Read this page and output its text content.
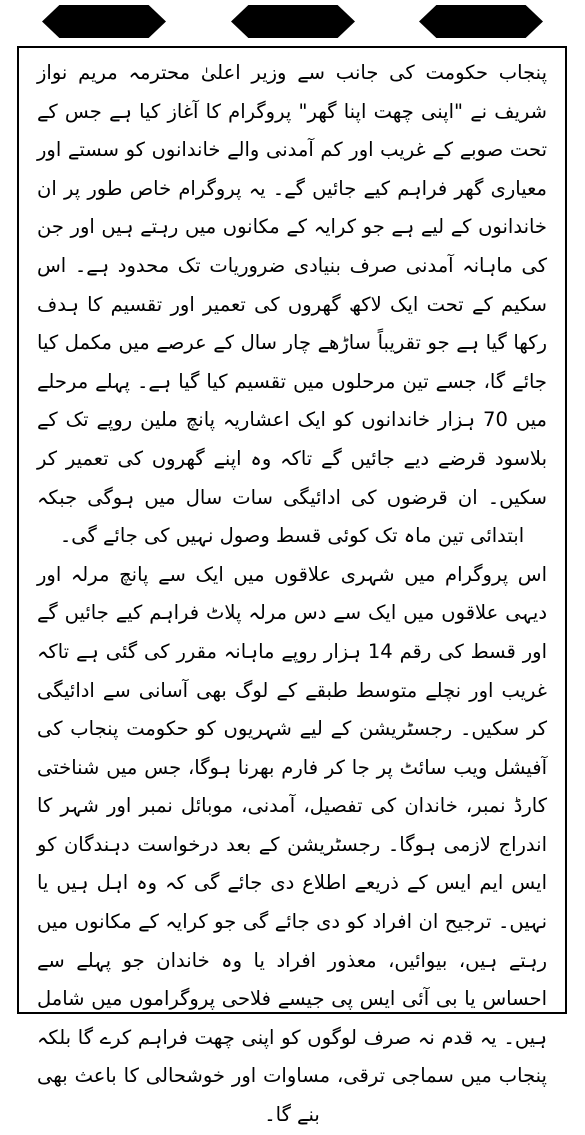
پنجاب حکومت کی جانب سے وزیر اعلیٰ محترمہ مریم نواز شریف نے "اپنی چھت اپنا گھر" پروگرام کا آغاز کیا ہے جس کے تحت صوبے کے غریب اور کم آمدنی والے خاندانوں کو سستے اور معیاری گھر فراہم کیے جائیں گے۔ یہ پروگرام خاص طور پر ان خاندانوں کے لیے ہے جو کرایہ کے مکانوں میں رہتے ہیں اور جن کی ماہانہ آمدنی صرف بنیادی ضروریات تک محدود ہے۔ اس سکیم کے تحت ایک لاکھ گھروں کی تعمیر اور تقسیم کا ہدف رکھا گیا ہے جو تقریباً ساڑھے چار سال کے عرصے میں مکمل کیا جائے گا، جسے تین مرحلوں میں تقسیم کیا گیا ہے۔ پہلے مرحلے میں 70 ہزار خاندانوں کو ایک اعشاریہ پانچ ملین روپے تک کے بلاسود قرضے دیے جائیں گے تاکہ وہ اپنے گھروں کی تعمیر کر سکیں۔ ان قرضوں کی ادائیگی سات سال میں ہوگی جبکہ ابتدائی تین ماہ تک کوئی قسط وصول نہیں کی جائے گی۔

اس پروگرام میں شہری علاقوں میں ایک سے پانچ مرلہ اور دیہی علاقوں میں ایک سے دس مرلہ پلاٹ فراہم کیے جائیں گے اور قسط کی رقم 14 ہزار روپے ماہانہ مقرر کی گئی ہے تاکہ غریب اور نچلے متوسط طبقے کے لوگ بھی آسانی سے ادائیگی کر سکیں۔ رجسٹریشن کے لیے شہریوں کو حکومت پنجاب کی آفیشل ویب سائٹ پر جا کر فارم بھرنا ہوگا، جس میں شناختی کارڈ نمبر، خاندان کی تفصیل، آمدنی، موبائل نمبر اور شہر کا اندراج لازمی ہوگا۔ رجسٹریشن کے بعد درخواست دہندگان کو ایس ایم ایس کے ذریعے اطلاع دی جائے گی کہ وہ اہل ہیں یا نہیں۔ ترجیح ان افراد کو دی جائے گی جو کرایہ کے مکانوں میں رہتے ہیں، بیوائیں، معذور افراد یا وہ خاندان جو پہلے سے احساس یا بی آئی ایس پی جیسے فلاحی پروگراموں میں شامل ہیں۔ یہ قدم نہ صرف لوگوں کو اپنی چھت فراہم کرے گا بلکہ پنجاب میں سماجی ترقی، مساوات اور خوشحالی کا باعث بھی بنے گا۔
